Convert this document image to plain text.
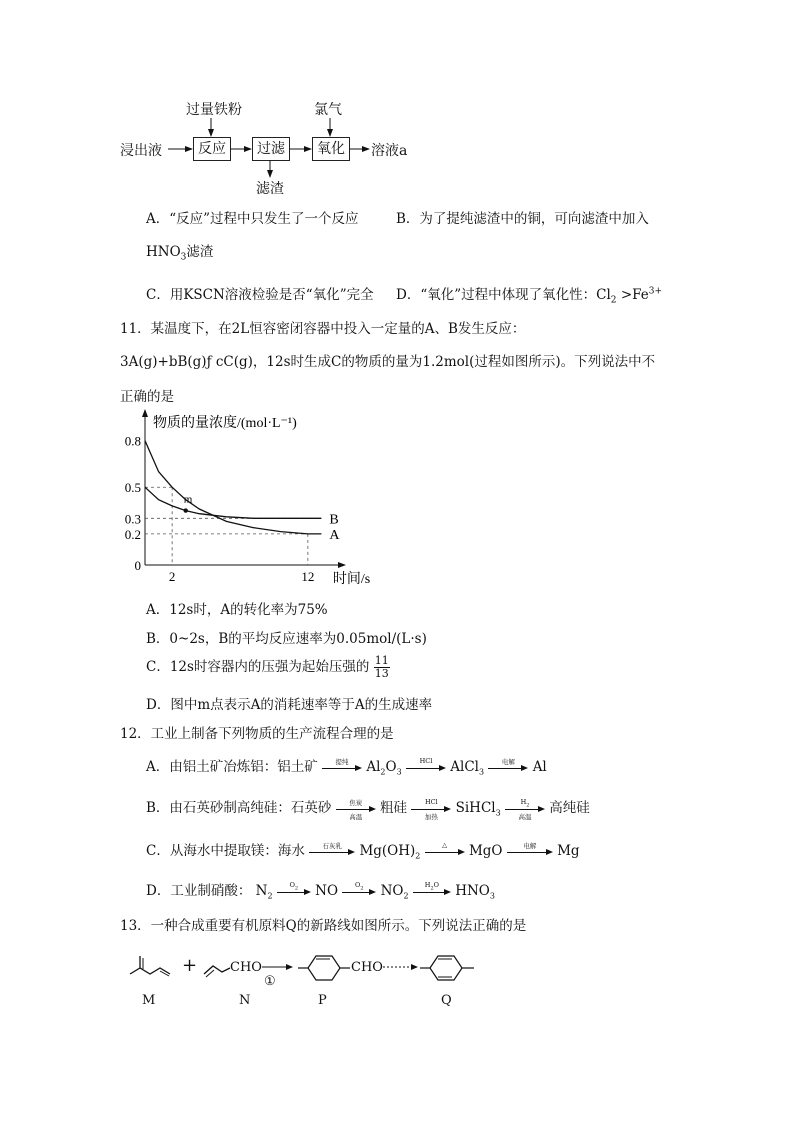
过量铁粉	氯气
浸出液	反应	过滤	氧化	溶液a
滤渣
A．“反应”过程中只发生了一个反应	B．为了提纯滤渣中的铜，可向滤渣中加入
$HNO_3$滤渣
C．用KSCN溶液检验是否“氧化”完全 D．“氧化”过程中体现了氧化性：$Cl_2 >Fe^{3+}$
11．某温度下，在2L恒容密闭容器中投入一定量的A、B发生反应：
3A(g)+bB(g)ƒ cC(g)，12s时生成C的物质的量为1.2mol(过程如图所示)。下列说法中不
正确的是
物质的量浓度/(mol·L⁻¹)
时间/s
0.8
0.5
0.3
0.2
0
2	12
A
B
m
A．12s时，A的转化率为75%
B．0~2s，B的平均反应速率为0.05mol/(L·s)
C．12s时容器内的压强为起始压强的 $\frac{11}{13}$
D．图中m点表示A的消耗速率等于A的生成速率
12．工业上制备下列物质的生产流程合理的是
A．由铝土矿冶炼铝：铝土矿	提纯	$Al_2O_3$
HCl	AlCl$_3$
电解	Al
B．由石英砂制高纯硅：石英砂	焦炭
高温
粗硅	HCl
加热
SiHCl$_3$
$H_2$
高温
高纯硅
C．从海水中提取镁：海水	石灰乳	$Mg(OH)_2$
△	MgO	电解	Mg
D．工业制硝酸： $N_2$
$O_2$	NO	$O_2$	$NO_2$
$H_2O$	$HNO_3$
13．一种合成重要有机原料Q的新路线如图所示。下列说法正确的是
+	CHO →
①
CHO
M	N	P	Q
